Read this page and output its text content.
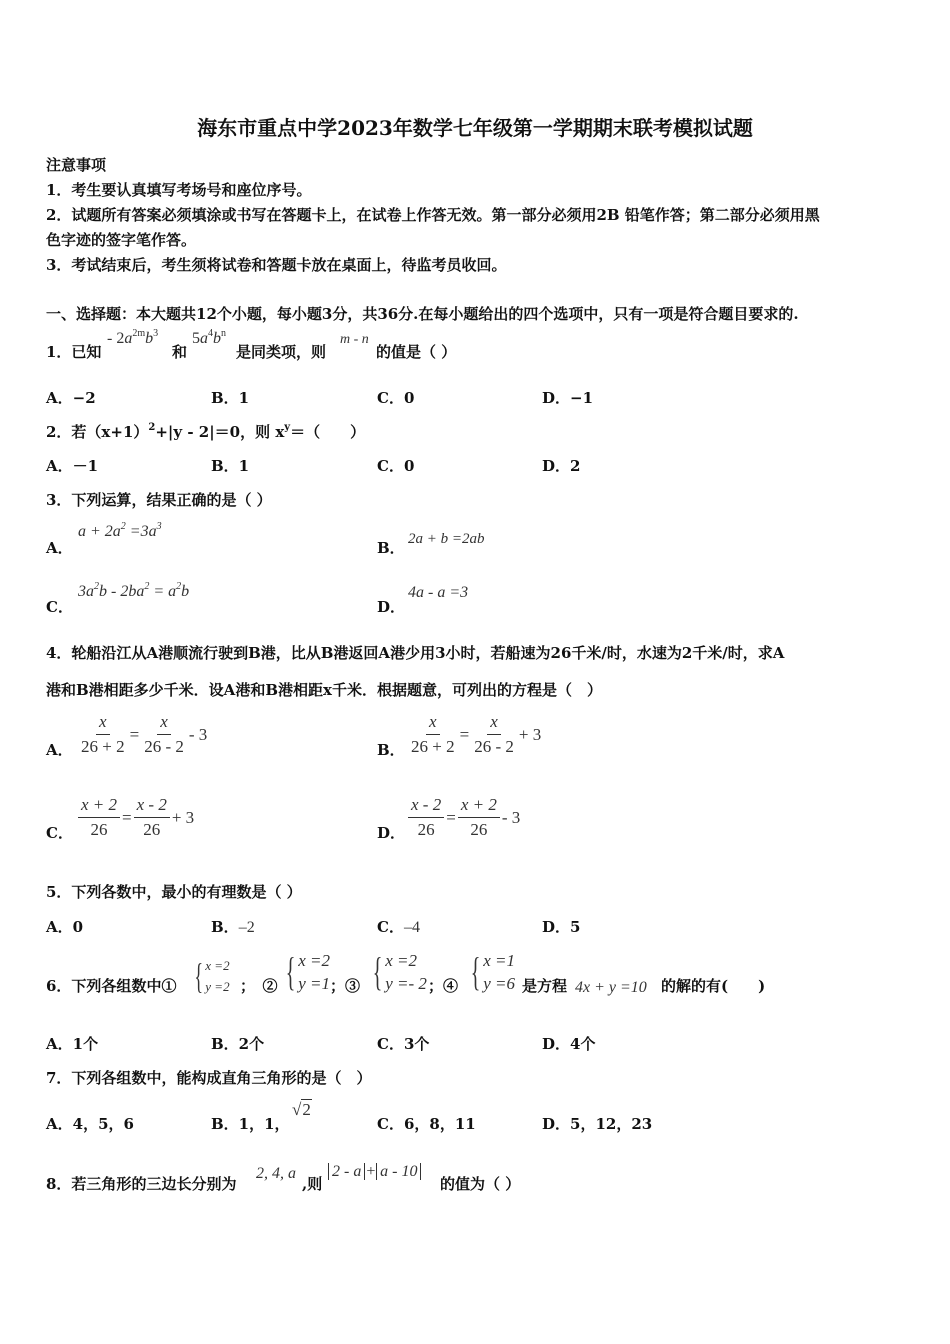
海东市重点中学2023年数学七年级第一学期期末联考模拟试题
注意事项
1．考生要认真填写考场号和座位序号。
2．试题所有答案必须填涂或书写在答题卡上，在试卷上作答无效。第一部分必须用2B 铅笔作答；第二部分必须用黑
色字迹的签字笔作答。
3．考试结束后，考生须将试卷和答题卡放在桌面上，待监考员收回。
一、选择题：本大题共12个小题，每小题3分，共36分.在每小题给出的四个选项中，只有一项是符合题目要求的.
1．已知
- $2a^{2m}b^3$
和
$5a^4b^n$
是同类项，则
m - n
的值是（ ）
A．−2	B．1	C．0	D．−1
2．若$(x+1)^2+|y - 2|=0$，则 $x^y=$（　　）
A．－1	B．1	C．0	D．2
3．下列运算，结果正确的是（ ）
A．
$a + 2a^2 =3a^3$
B． 2a + b =2ab
C．
$3a^2b - 2ba^2 = a^2b$
D．
4a - a =3
4．轮船沿江从A港顺流行驶到B港，比从B港返回A港少用3小时，若船速为26千米/时，水速为2千米/时，求A
港和B港相距多少千米．设A港和B港相距x千米．根据题意，可列出的方程是（　）
A． $\frac{x}{26 + 2} = \frac{x}{26 - 2} - 3$
B． $\frac{x}{26 + 2} = \frac{x}{26 - 2} + 3$
C． $\frac{x + 2}{26} = \frac{x - 2}{26} + 3$
D． $\frac{x - 2}{26} = \frac{x + 2}{26} - 3$
5．下列各数中，最小的有理数是（ ）
A．0	B．–2	C．–4	D．5
6．下列各组数中① { x =2
y =2 ；　② { x =2
y =1 ；③ { x =2
y =- 2 ；④ { x =1
y =6 是方程 4x + y =10 的解的有(　　)
A．1个	B．2个	C．3个	D．4个
7．下列各组数中，能构成直角三角形的是（　）
A．4，5，6	B．1，1，
√2
C．6，8，11	D．5，12，23
8．若三角形的三边长分别为
2, 4, a
,则
2 - a + a - 10
的值为（ ）
